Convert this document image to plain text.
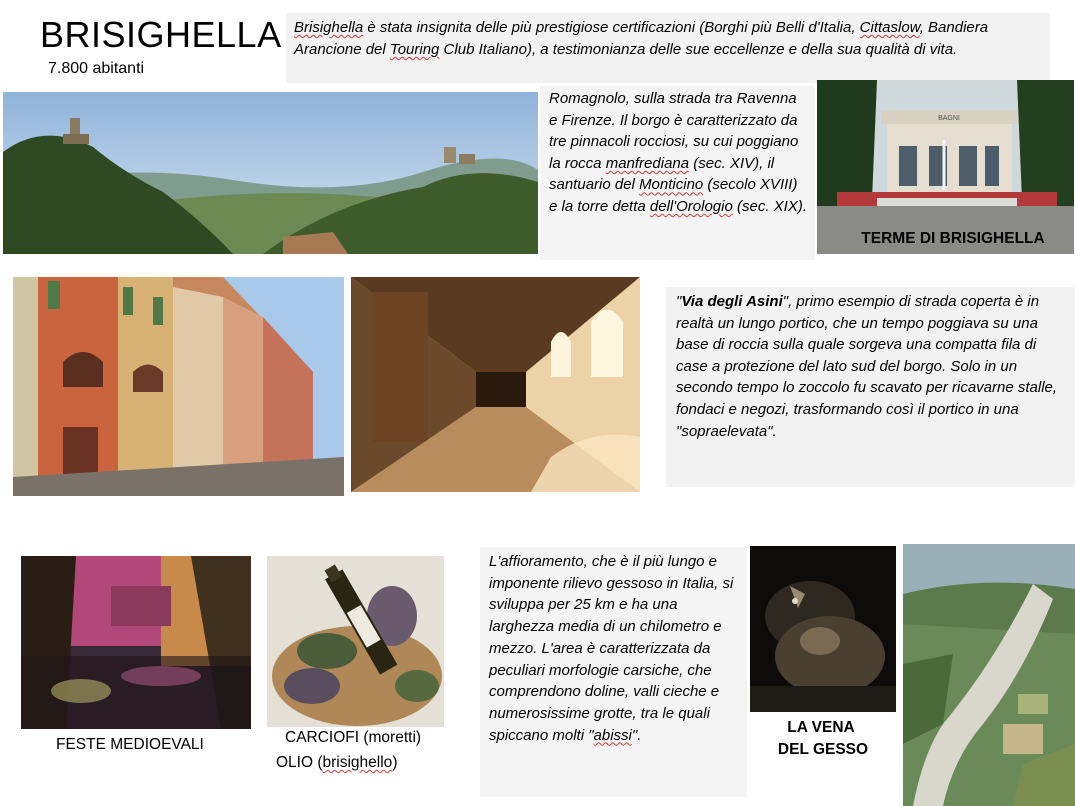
BRISIGHELLA
7.800 abitanti
Brisighella è stata insignita delle più prestigiose certificazioni (Borghi più Belli d'Italia, Cittaslow, Bandiera Arancione del Touring Club Italiano), a testimonianza delle sue eccellenze e della sua qualità di vita.
Romagnolo, sulla strada tra Ravenna e Firenze. Il borgo è caratterizzato da tre pinnacoli rocciosi, su cui poggiano la rocca manfrediana (sec. XIV), il santuario del Monticino (secolo XVIII) e la torre detta dell'Orologio (sec. XIX).
BAGNI
TERME DI BRISIGHELLA
"Via degli Asini", primo esempio di strada coperta è in realtà un lungo portico, che un tempo poggiava su una base di roccia sulla quale sorgeva una compatta fila di case a protezione del lato sud del borgo. Solo in un secondo tempo lo zoccolo fu scavato per ricavarne stalle, fondaci e negozi, trasformando così il portico in una "sopraelevata".
FESTE MEDIOEVALI	CARCIOFI (moretti)
OLIO (brisighello)
L'affioramento, che è il più lungo e imponente rilievo gessoso in Italia, si sviluppa per 25 km e ha una larghezza media di un chilometro e mezzo. L'area è caratterizzata da peculiari morfologie carsiche, che comprendono doline, valli cieche e numerosissime grotte, tra le quali spiccano molti "abissi".	LA VENA
DEL GESSO
